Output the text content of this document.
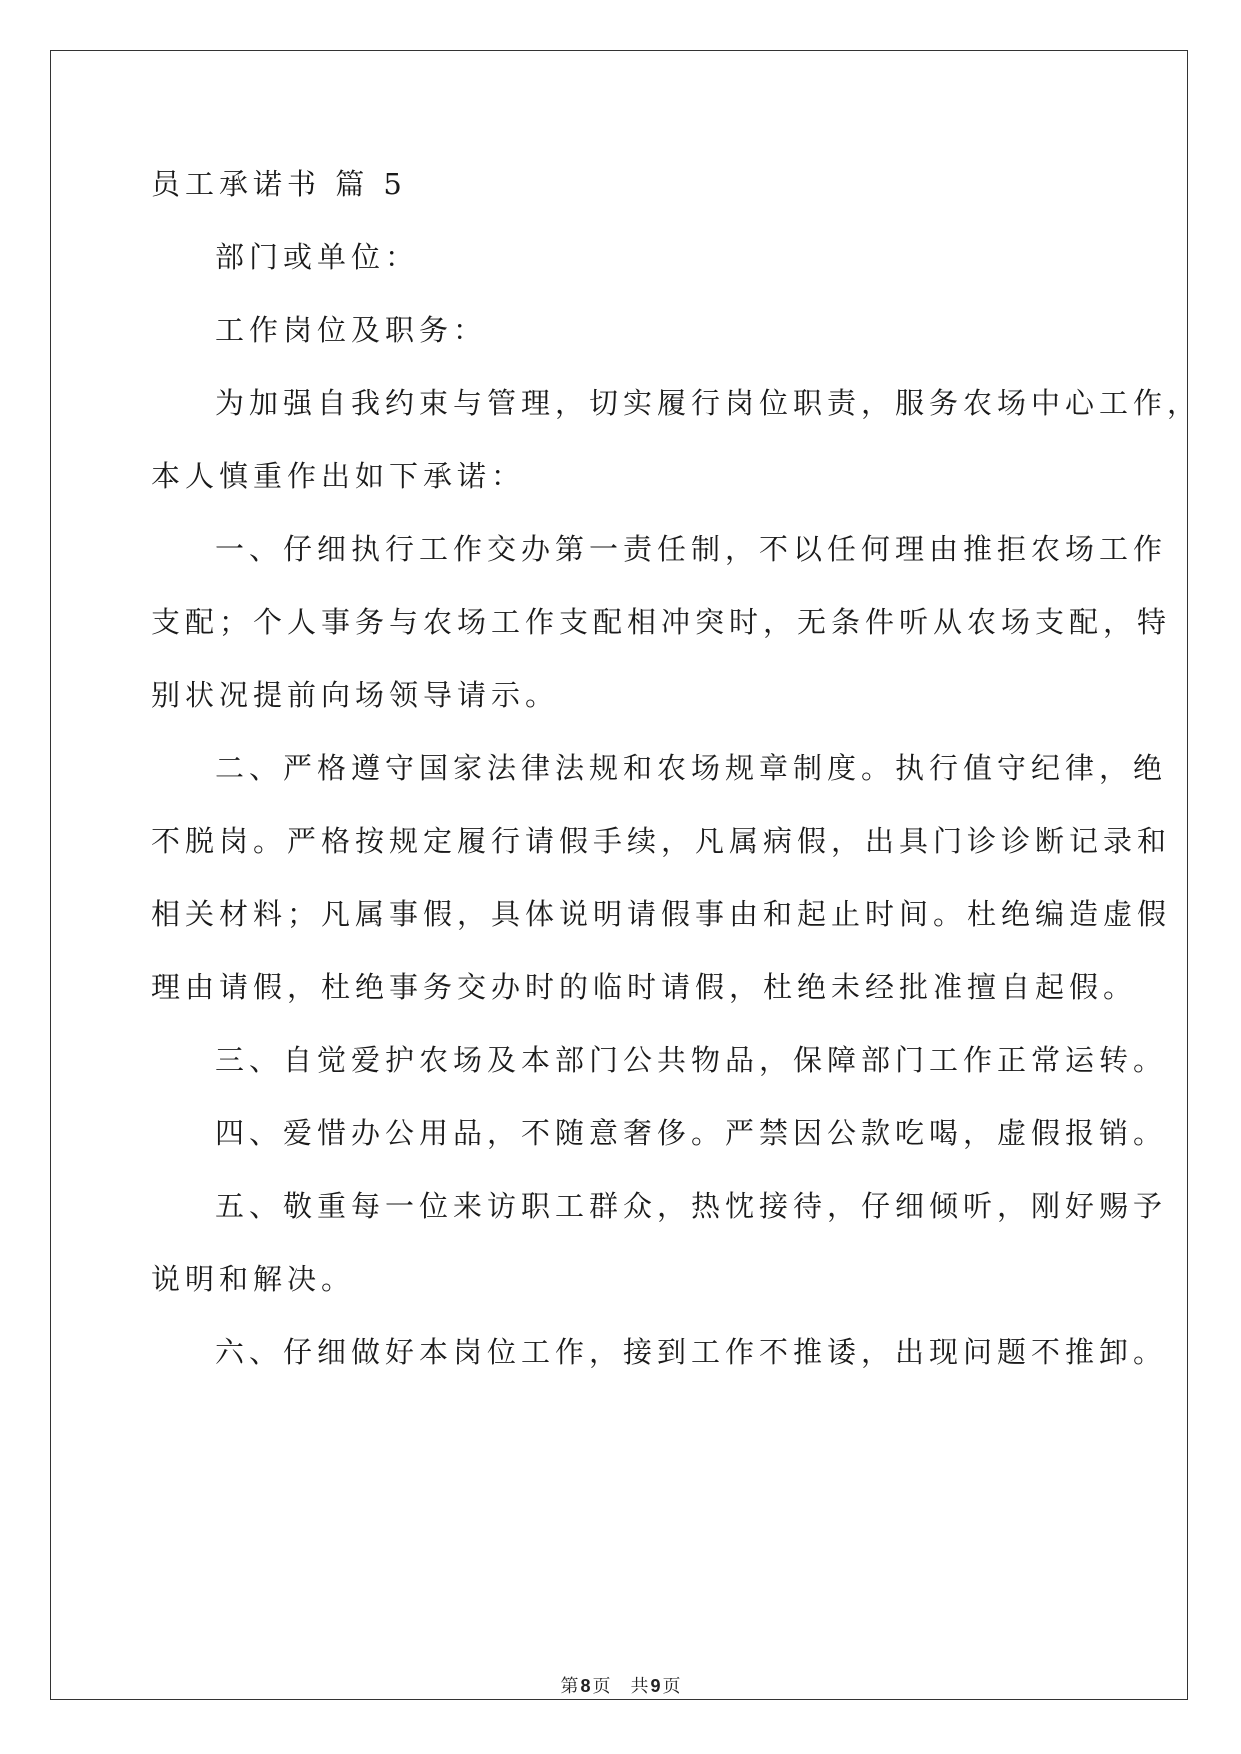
员工承诺书 篇 5
部门或单位：
工作岗位及职务：
为加强自我约束与管理，切实履行岗位职责，服务农场中心工作，
本人慎重作出如下承诺：
一、仔细执行工作交办第一责任制，不以任何理由推拒农场工作
支配；个人事务与农场工作支配相冲突时，无条件听从农场支配，特
别状况提前向场领导请示。
二、严格遵守国家法律法规和农场规章制度。执行值守纪律，绝
不脱岗。严格按规定履行请假手续，凡属病假，出具门诊诊断记录和
相关材料；凡属事假，具体说明请假事由和起止时间。杜绝编造虚假
理由请假，杜绝事务交办时的临时请假，杜绝未经批准擅自起假。
三、自觉爱护农场及本部门公共物品，保障部门工作正常运转。
四、爱惜办公用品，不随意奢侈。严禁因公款吃喝，虚假报销。
五、敬重每一位来访职工群众，热忱接待，仔细倾听，刚好赐予
说明和解决。
六、仔细做好本岗位工作，接到工作不推诿，出现问题不推卸。
第 8 页 共 9 页
